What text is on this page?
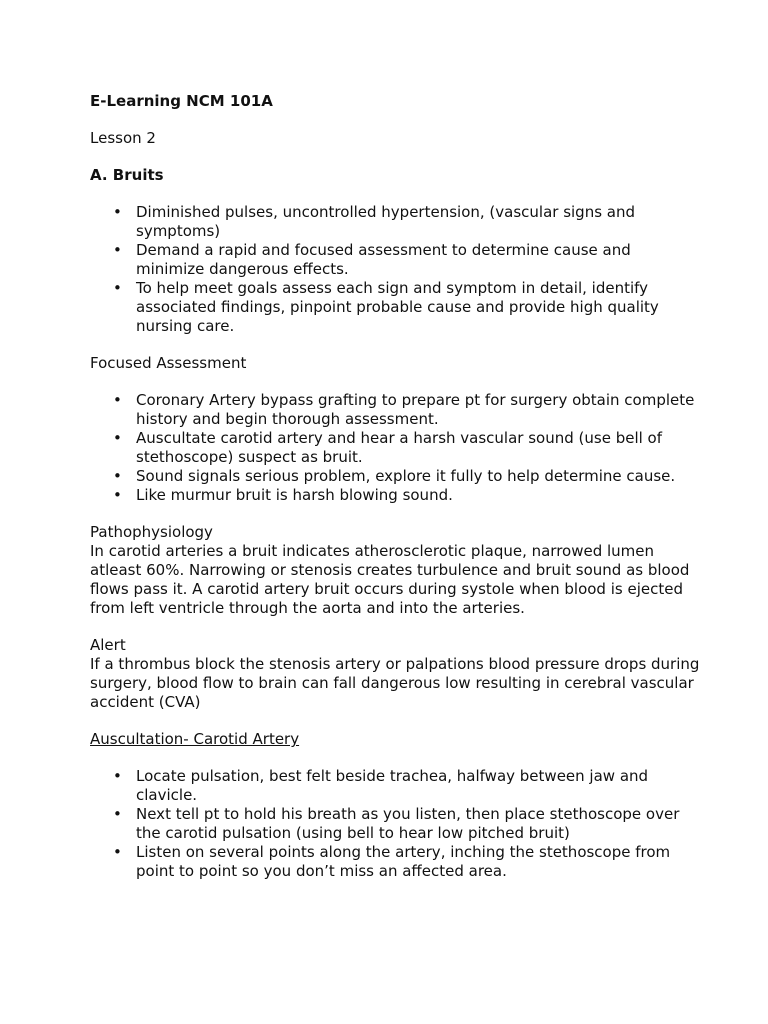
E-Learning NCM 101A

Lesson 2

A. Bruits

• Diminished pulses, uncontrolled hypertension, (vascular signs and symptoms)
• Demand a rapid and focused assessment to determine cause and minimize dangerous effects.
• To help meet goals assess each sign and symptom in detail, identify associated findings, pinpoint probable cause and provide high quality nursing care.

Focused Assessment

• Coronary Artery bypass grafting to prepare pt for surgery obtain complete history and begin thorough assessment.
• Auscultate carotid artery and hear a harsh vascular sound (use bell of stethoscope) suspect as bruit.
• Sound signals serious problem, explore it fully to help determine cause.
• Like murmur bruit is harsh blowing sound.

Pathophysiology

In carotid arteries a bruit indicates atherosclerotic plaque, narrowed lumen atleast 60%. Narrowing or stenosis creates turbulence and bruit sound as blood flows pass it. A carotid artery bruit occurs during systole when blood is ejected from left ventricle through the aorta and into the arteries.

Alert

If a thrombus block the stenosis artery or palpations blood pressure drops during surgery, blood flow to brain can fall dangerous low resulting in cerebral vascular accident (CVA)

Auscultation- Carotid Artery

• Locate pulsation, best felt beside trachea, halfway between jaw and clavicle.
• Next tell pt to hold his breath as you listen, then place stethoscope over the carotid pulsation (using bell to hear low pitched bruit)
• Listen on several points along the artery, inching the stethoscope from point to point so you don’t miss an affected area.
